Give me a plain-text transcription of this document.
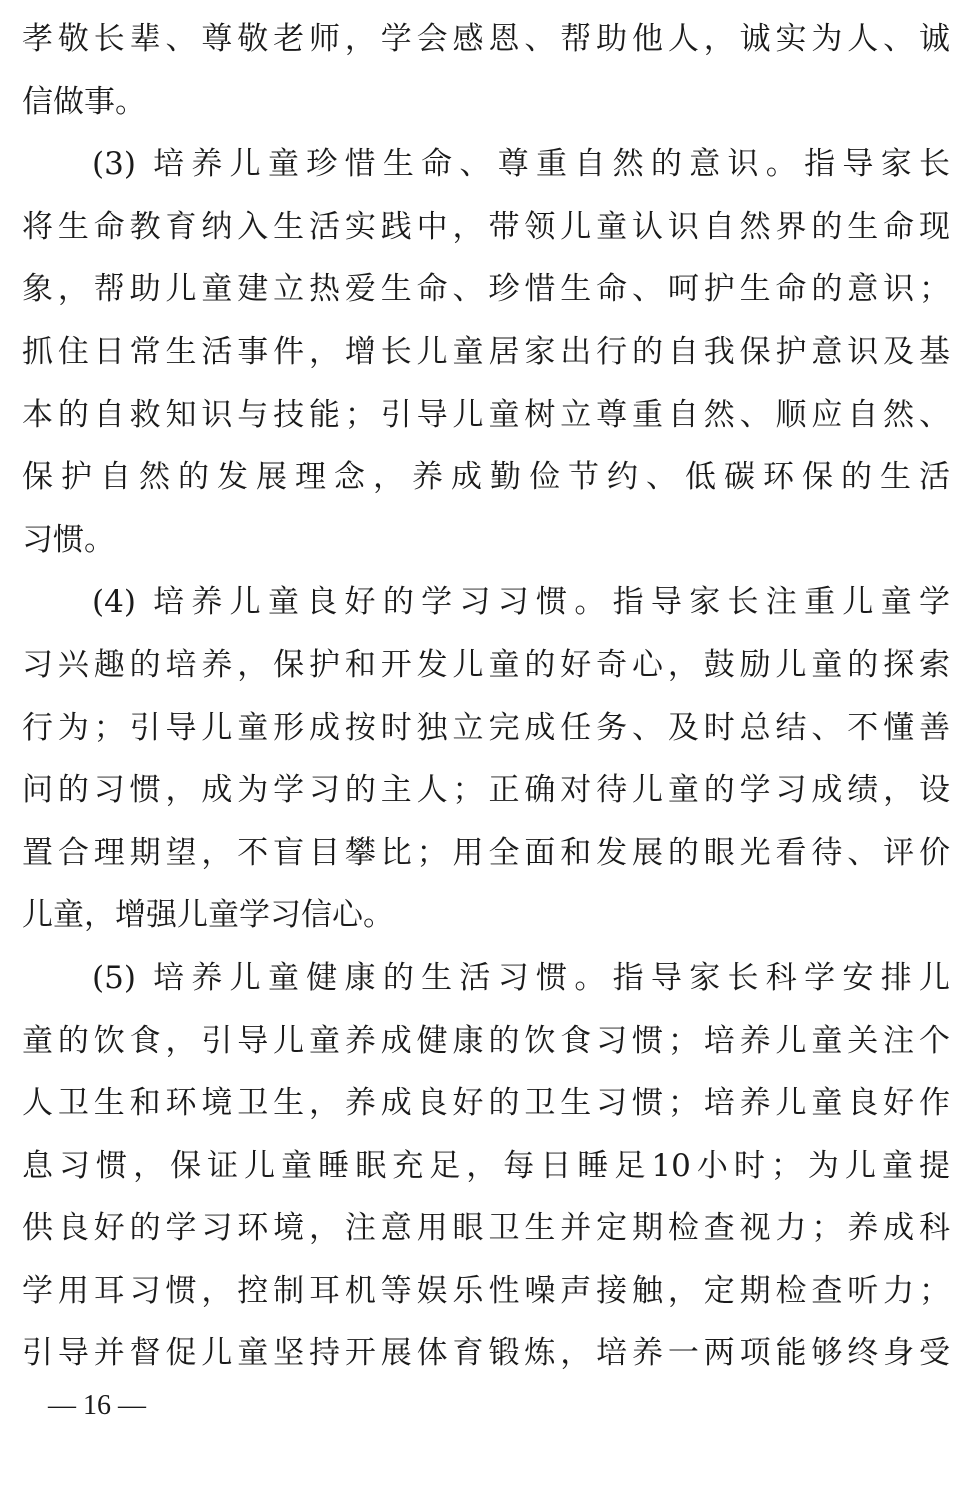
孝敬长辈、尊敬老师，学会感恩、帮助他人，诚实为人、诚
信做事。
(3) 培养儿童珍惜生命、尊重自然的意识。指导家长
将生命教育纳入生活实践中，带领儿童认识自然界的生命现
象，帮助儿童建立热爱生命、珍惜生命、呵护生命的意识；
抓住日常生活事件，增长儿童居家出行的自我保护意识及基
本的自救知识与技能；引导儿童树立尊重自然、顺应自然、
保护自然的发展理念，养成勤俭节约、低碳环保的生活
习惯。
(4) 培养儿童良好的学习习惯。指导家长注重儿童学
习兴趣的培养，保护和开发儿童的好奇心，鼓励儿童的探索
行为；引导儿童形成按时独立完成任务、及时总结、不懂善
问的习惯，成为学习的主人；正确对待儿童的学习成绩，设
置合理期望，不盲目攀比；用全面和发展的眼光看待、评价
儿童，增强儿童学习信心。
(5) 培养儿童健康的生活习惯。指导家长科学安排儿
童的饮食，引导儿童养成健康的饮食习惯；培养儿童关注个
人卫生和环境卫生，养成良好的卫生习惯；培养儿童良好作
息习惯，保证儿童睡眠充足，每日睡足10小时；为儿童提
供良好的学习环境，注意用眼卫生并定期检查视力；养成科
学用耳习惯，控制耳机等娱乐性噪声接触，定期检查听力；
引导并督促儿童坚持开展体育锻炼，培养一两项能够终身受
— 16 —
